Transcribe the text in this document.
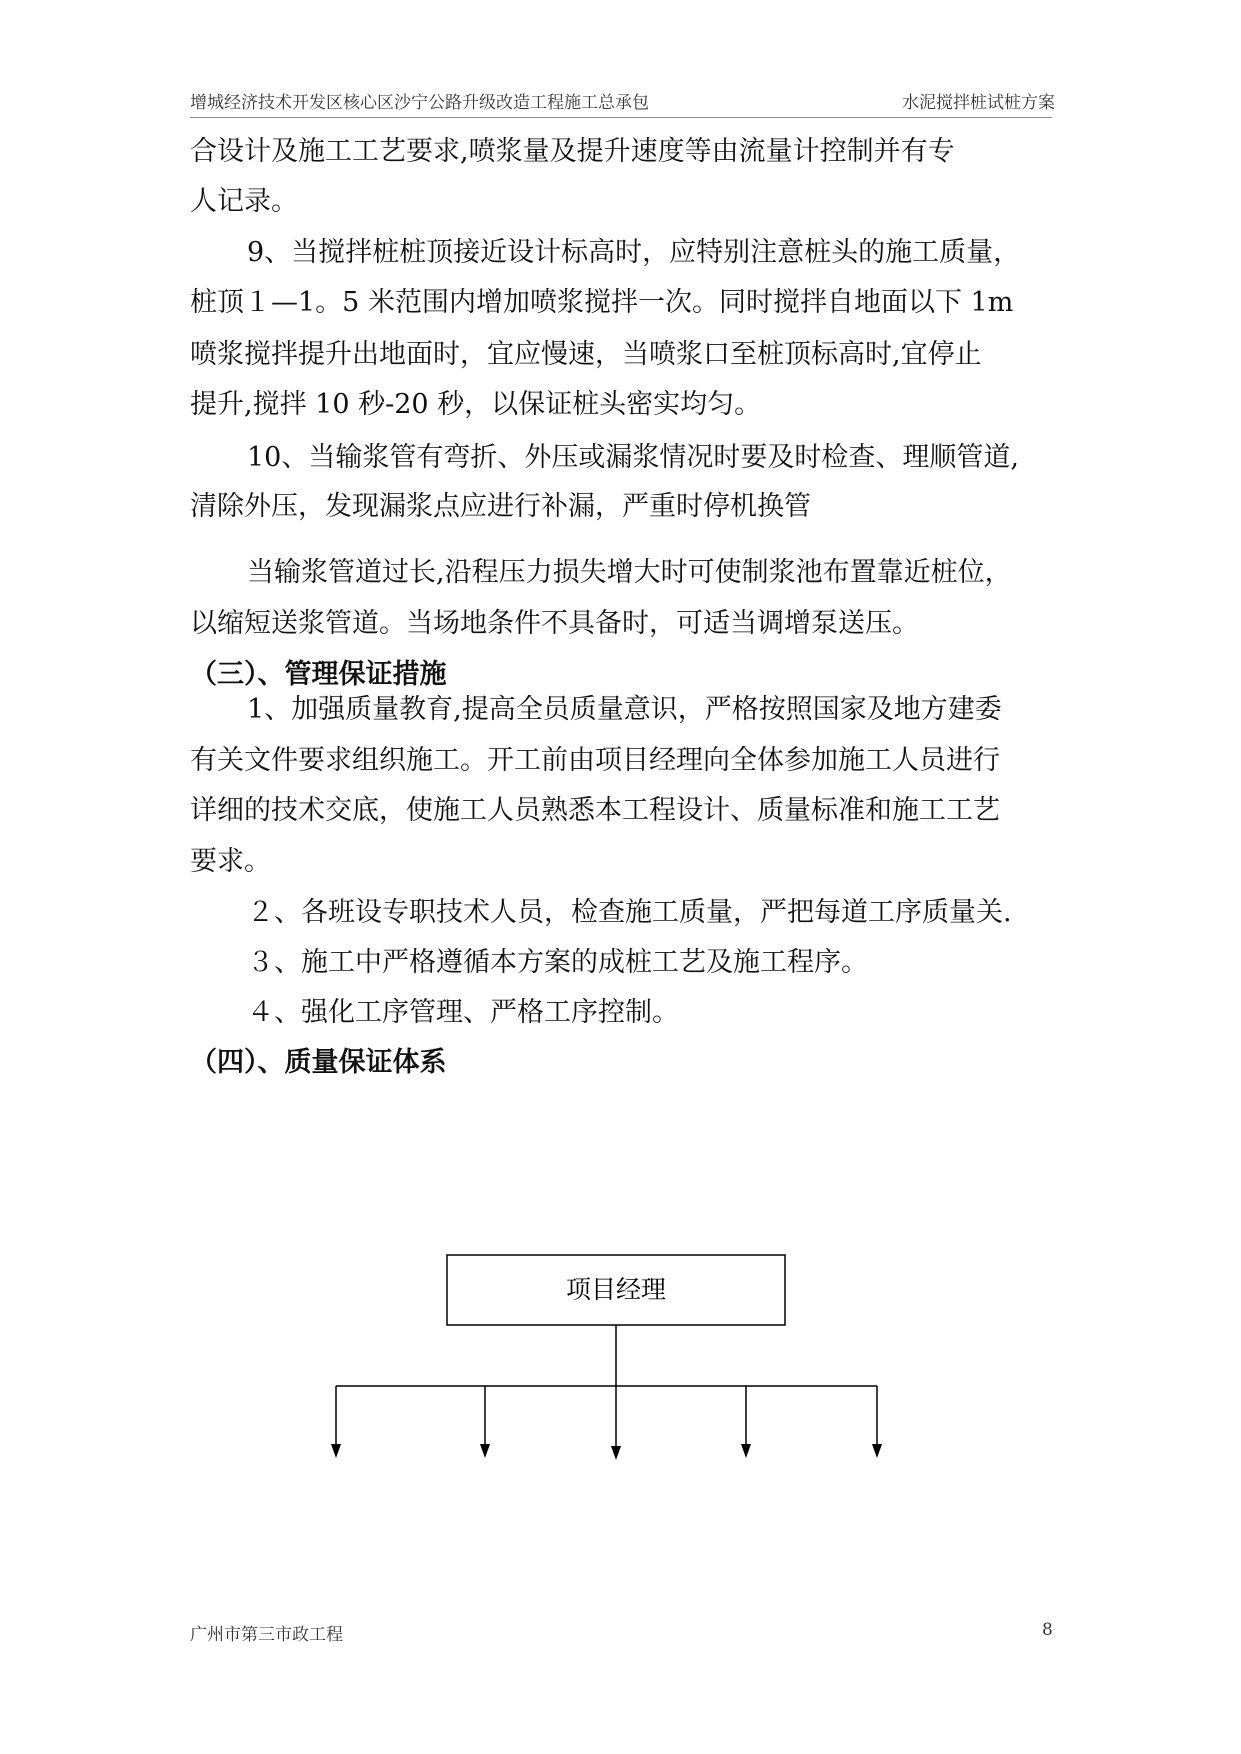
增城经济技术开发区核心区沙宁公路升级改造工程施工总承包	水泥搅拌桩试桩方案
合设计及施工工艺要求,喷浆量及提升速度等由流量计控制并有专
人记录。
9、当搅拌桩桩顶接近设计标高时，应特别注意桩头的施工质量，
桩顶１—1。5 米范围内增加喷浆搅拌一次。同时搅拌自地面以下 1m
喷浆搅拌提升出地面时，宜应慢速，当喷浆口至桩顶标高时,宜停止
提升,搅拌 10 秒-20 秒，以保证桩头密实均匀。
10、当输浆管有弯折、外压或漏浆情况时要及时检查、理顺管道,
清除外压，发现漏浆点应进行补漏，严重时停机换管
当输浆管道过长,沿程压力损失增大时可使制浆池布置靠近桩位，
以缩短送浆管道。当场地条件不具备时，可适当调增泵送压。
（三）、管理保证措施
1、加强质量教育,提高全员质量意识，严格按照国家及地方建委
有关文件要求组织施工。开工前由项目经理向全体参加施工人员进行
详细的技术交底，使施工人员熟悉本工程设计、质量标准和施工工艺
要求。
２、各班设专职技术人员，检查施工质量，严把每道工序质量关.
３、施工中严格遵循本方案的成桩工艺及施工程序。
４、强化工序管理、严格工序控制。
（四）、质量保证体系
项目经理
广州市第三市政工程	8
